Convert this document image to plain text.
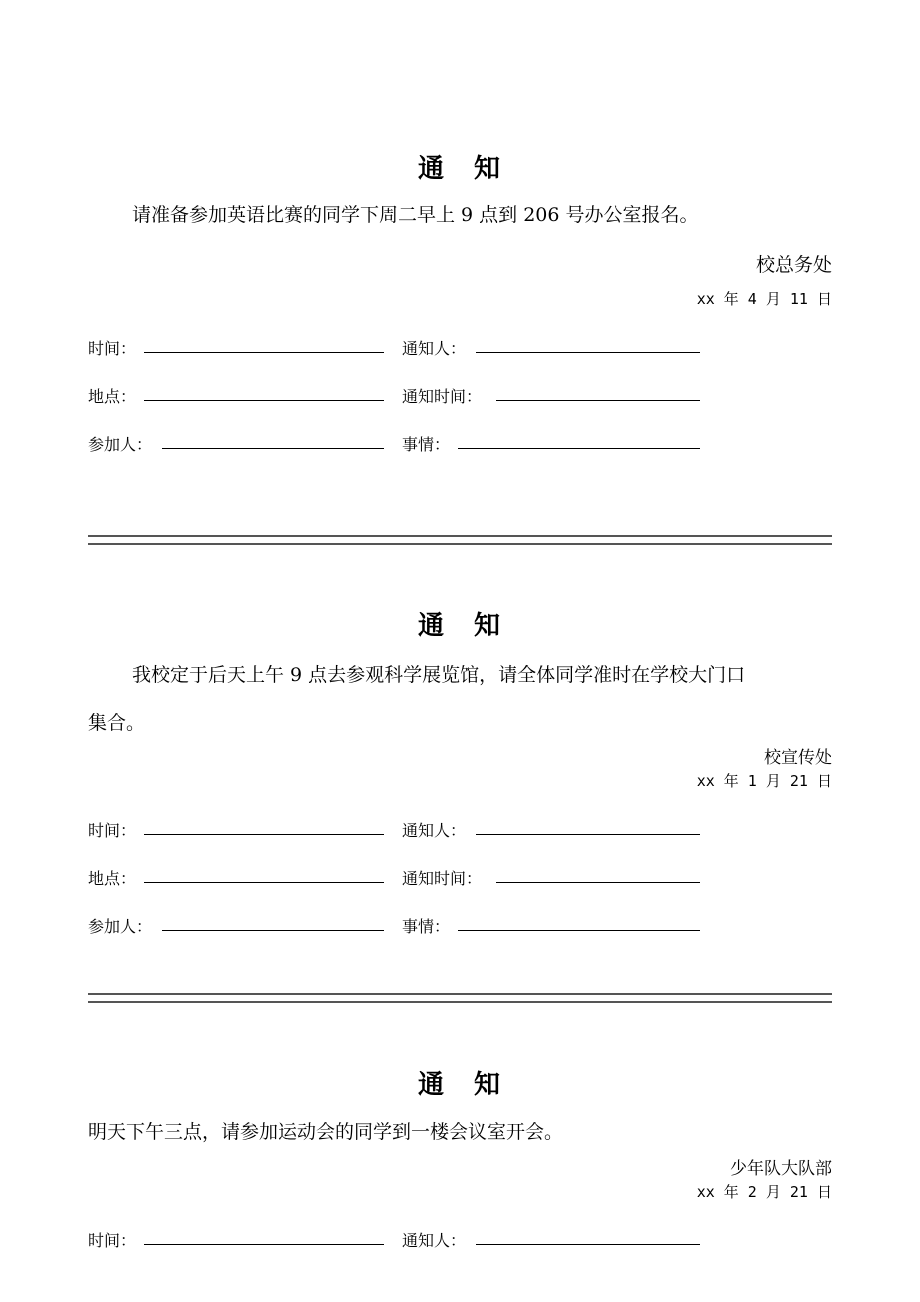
通　知
请准备参加英语比赛的同学下周二早上 9 点到 206 号办公室报名。
校总务处
xx 年 4 月 11 日
时间：	通知人：
地点：	通知时间：
参加人：	事情：
通　知
我校定于后天上午 9 点去参观科学展览馆，请全体同学准时在学校大门口
集合。
校宣传处
xx 年 1 月 21 日
时间：	通知人：
地点：	通知时间：
参加人：	事情：
通　知
明天下午三点，请参加运动会的同学到一楼会议室开会。
少年队大队部
xx 年 2 月 21 日
时间：	通知人：
